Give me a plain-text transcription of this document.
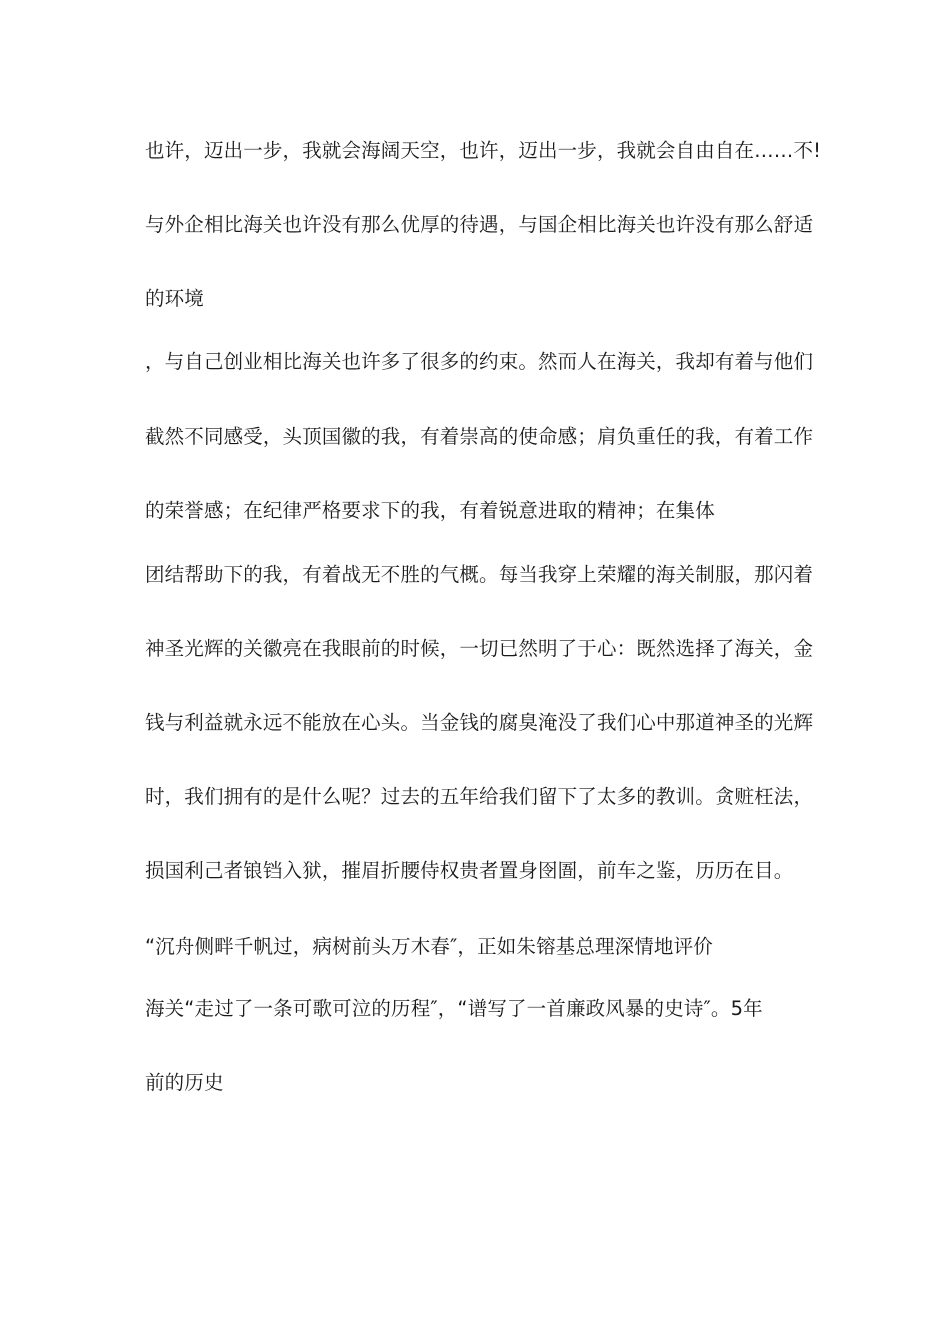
也许，迈出一步，我就会海阔天空，也许，迈出一步，我就会自由自在……不!

与外企相比海关也许没有那么优厚的待遇，与国企相比海关也许没有那么舒适

的环境

，与自己创业相比海关也许多了很多的约束。然而人在海关，我却有着与他们

截然不同感受，头顶国徽的我，有着崇高的使命感；肩负重任的我，有着工作

的荣誉感；在纪律严格要求下的我，有着锐意进取的精神；在集体

团结帮助下的我，有着战无不胜的气概。每当我穿上荣耀的海关制服，那闪着

神圣光辉的关徽亮在我眼前的时候，一切已然明了于心：既然选择了海关，金

钱与利益就永远不能放在心头。当金钱的腐臭淹没了我们心中那道神圣的光辉

时，我们拥有的是什么呢？过去的五年给我们留下了太多的教训。贪赃枉法，

损国利己者锒铛入狱，摧眉折腰侍权贵者置身囹圄，前车之鉴，历历在目。

“沉舟侧畔千帆过，病树前头万木春″，正如朱镕基总理深情地评价

海关“走过了一条可歌可泣的历程″，“谱写了一首廉政风暴的史诗″。5年

前的历史
